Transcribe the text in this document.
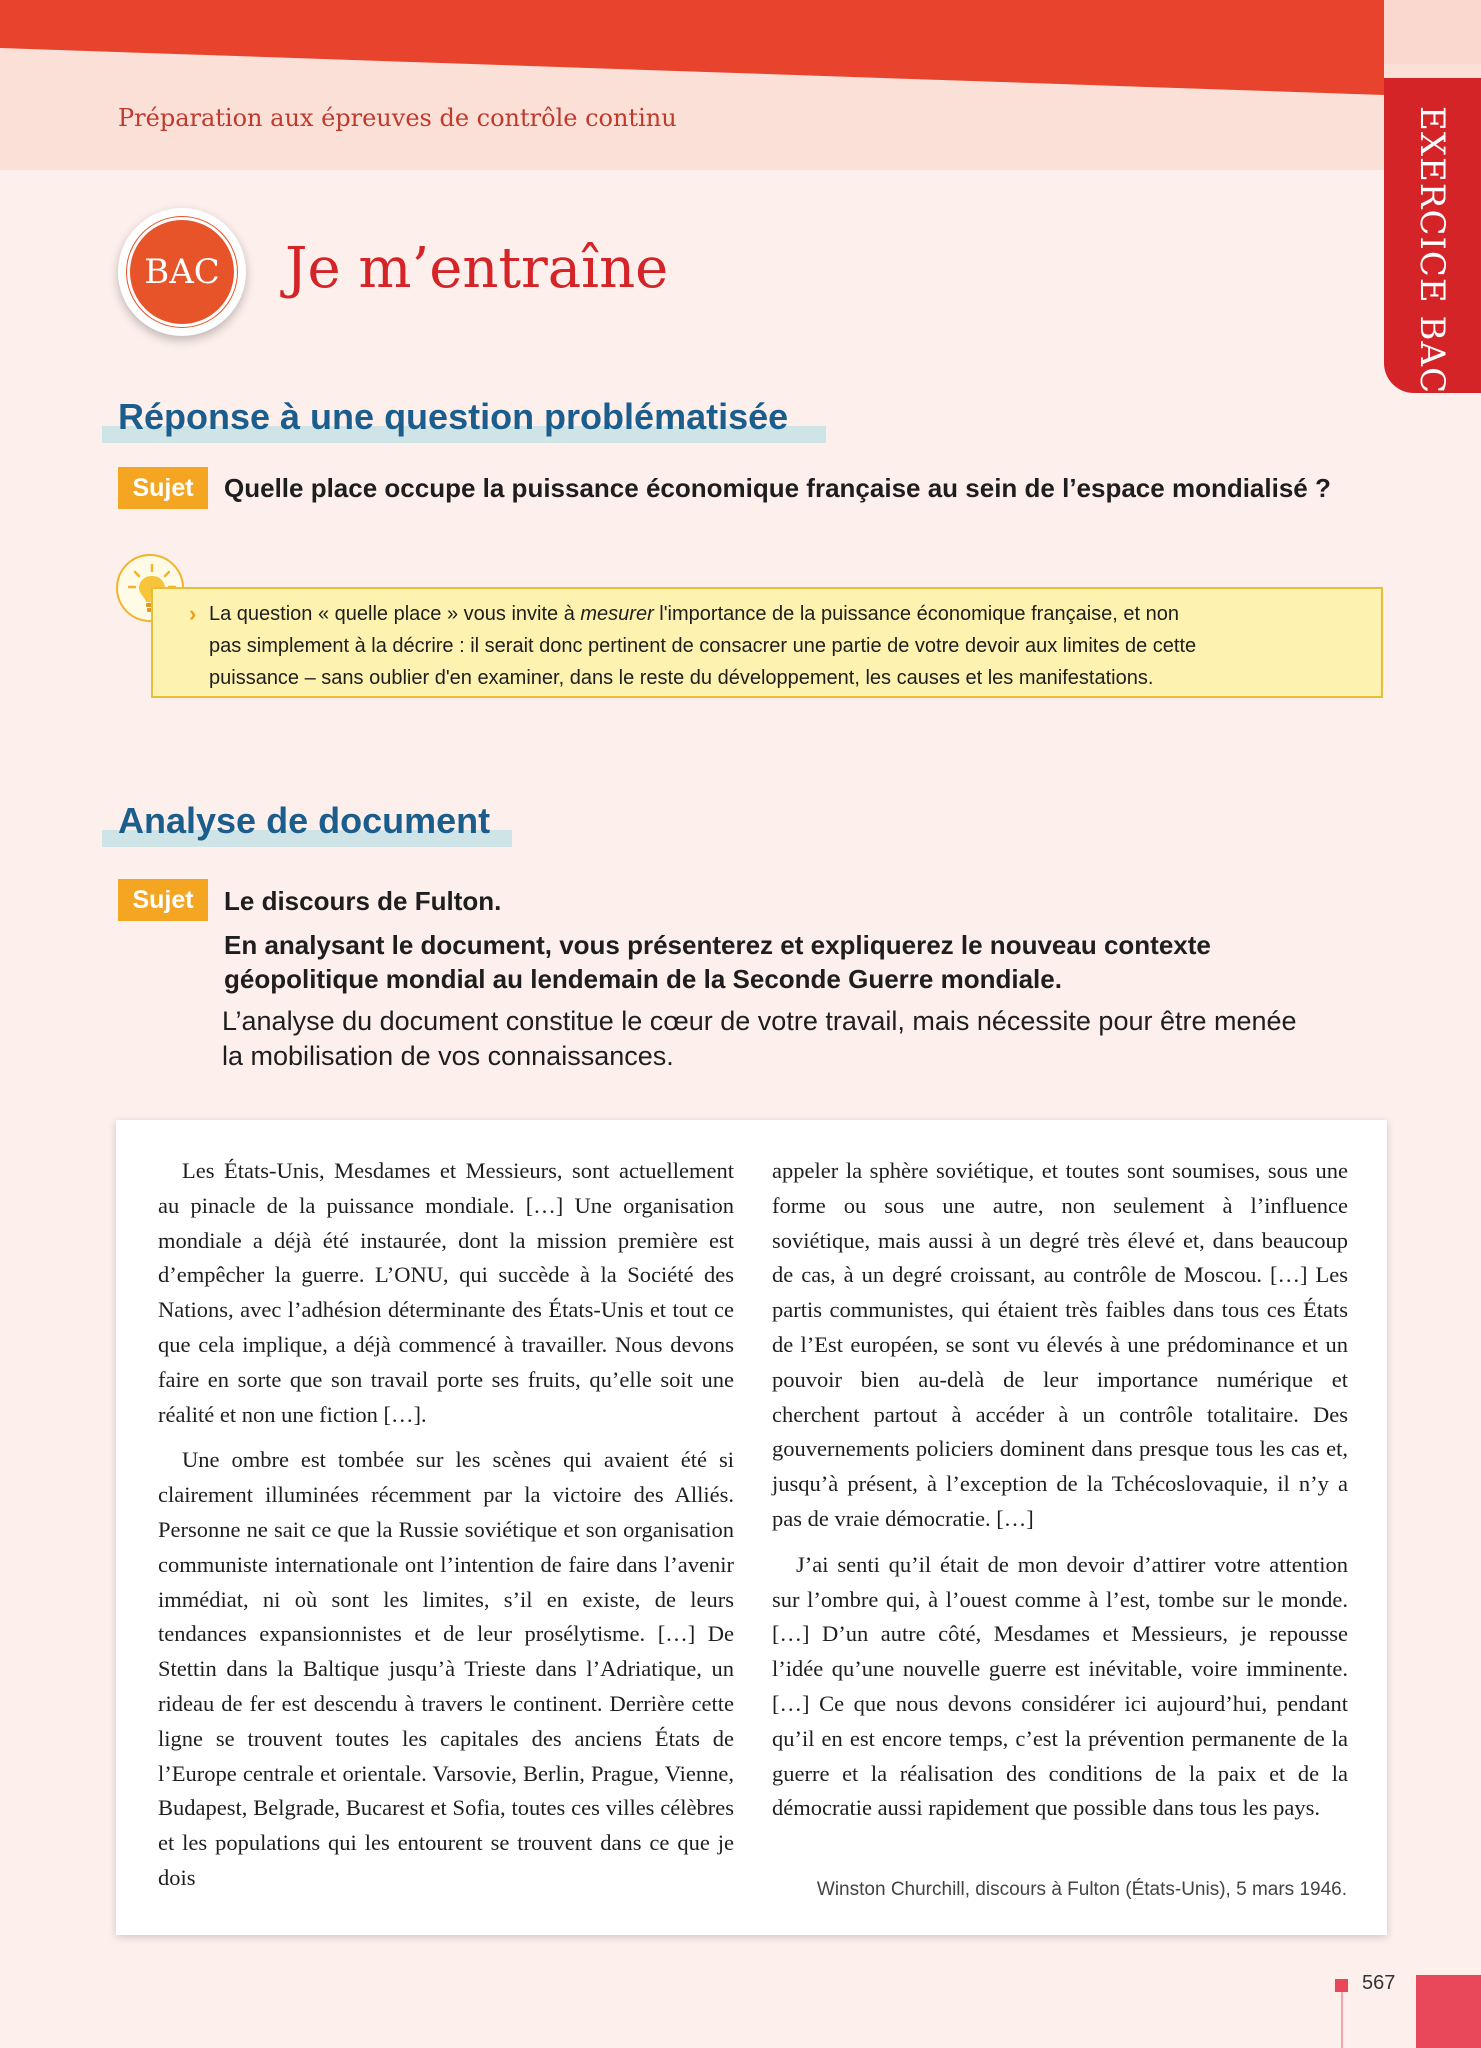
Préparation aux épreuves de contrôle continu	EXERCICE BAC
BAC	Je m’entraîne
Réponse à une question problématisée
Sujet	Quelle place occupe la puissance économique française au sein de l’espace mondialisé ?
› La question « quelle place » vous invite à mesurer l'importance de la puissance économique française, et non
pas simplement à la décrire : il serait donc pertinent de consacrer une partie de votre devoir aux limites de cette
puissance – sans oublier d'en examiner, dans le reste du développement, les causes et les manifestations.
Analyse de document
Sujet	Le discours de Fulton.
En analysant le document, vous présenterez et expliquerez le nouveau contexte
géopolitique mondial au lendemain de la Seconde Guerre mondiale.
L’analyse du document constitue le cœur de votre travail, mais nécessite pour être menée
la mobilisation de vos connaissances.

Les États-Unis, Mesdames et Messieurs, sont actuellement au pinacle de la puissance mondiale. […] Une organisation mondiale a déjà été instaurée, dont la mission première est d’empêcher la guerre. L’ONU, qui succède à la Société des Nations, avec l’adhésion déterminante des États-Unis et tout ce que cela implique, a déjà commencé à travailler. Nous devons faire en sorte que son travail porte ses fruits, qu’elle soit une réalité et non une fiction […].

Une ombre est tombée sur les scènes qui avaient été si clairement illuminées récemment par la victoire des Alliés. Personne ne sait ce que la Russie soviétique et son organisation communiste internationale ont l’intention de faire dans l’avenir immédiat, ni où sont les limites, s’il en existe, de leurs tendances expansionnistes et de leur prosélytisme. […] De Stettin dans la Baltique jusqu’à Trieste dans l’Adriatique, un rideau de fer est descendu à travers le continent. Derrière cette ligne se trouvent toutes les capitales des anciens États de l’Europe centrale et orientale. Varsovie, Berlin, Prague, Vienne, Budapest, Belgrade, Bucarest et Sofia, toutes ces villes célèbres et les populations qui les entourent se trouvent dans ce que je dois

appeler la sphère soviétique, et toutes sont soumises, sous une forme ou sous une autre, non seulement à l’influence soviétique, mais aussi à un degré très élevé et, dans beaucoup de cas, à un degré croissant, au contrôle de Moscou. […] Les partis communistes, qui étaient très faibles dans tous ces États de l’Est européen, se sont vu élevés à une prédominance et un pouvoir bien au-delà de leur importance numérique et cherchent partout à accéder à un contrôle totalitaire. Des gouvernements policiers dominent dans presque tous les cas et, jusqu’à présent, à l’exception de la Tchécoslovaquie, il n’y a pas de vraie démocratie. […]

J’ai senti qu’il était de mon devoir d’attirer votre attention sur l’ombre qui, à l’ouest comme à l’est, tombe sur le monde. […] D’un autre côté, Mesdames et Messieurs, je repousse l’idée qu’une nouvelle guerre est inévitable, voire imminente. […] Ce que nous devons considérer ici aujourd’hui, pendant qu’il en est encore temps, c’est la prévention permanente de la guerre et la réalisation des conditions de la paix et de la démocratie aussi rapidement que possible dans tous les pays.

Winston Churchill, discours à Fulton (États-Unis), 5 mars 1946.
567
